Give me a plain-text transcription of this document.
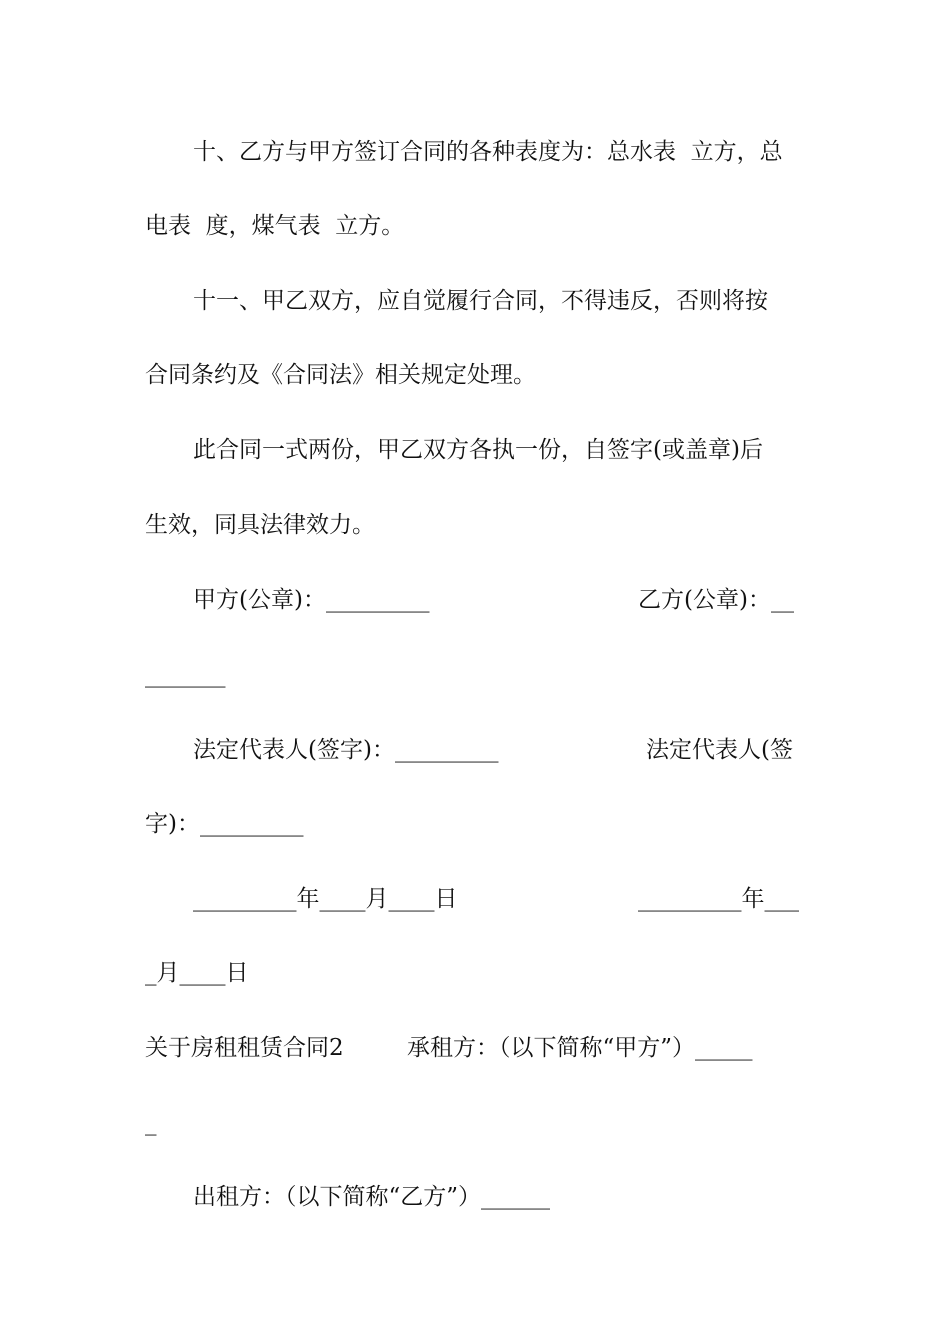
十、乙方与甲方签订合同的各种表度为：总水表  立方，总

电表  度，煤气表  立方。

十一、甲乙双方，应自觉履行合同，不得违反，否则将按

合同条约及《合同法》相关规定处理。

此合同一式两份，甲乙双方各执一份，自签字(或盖章)后

生效，同具法律效力。

甲方(公章)：_________	乙方(公章)：__

_______

法定代表人(签字)：_________	法定代表人(签

字)：_________

_________年____月____日	_________年___

_月____日

关于房租租赁合同2	承租方：（以下简称“甲方”）_____

_

出租方：（以下简称“乙方”）______
